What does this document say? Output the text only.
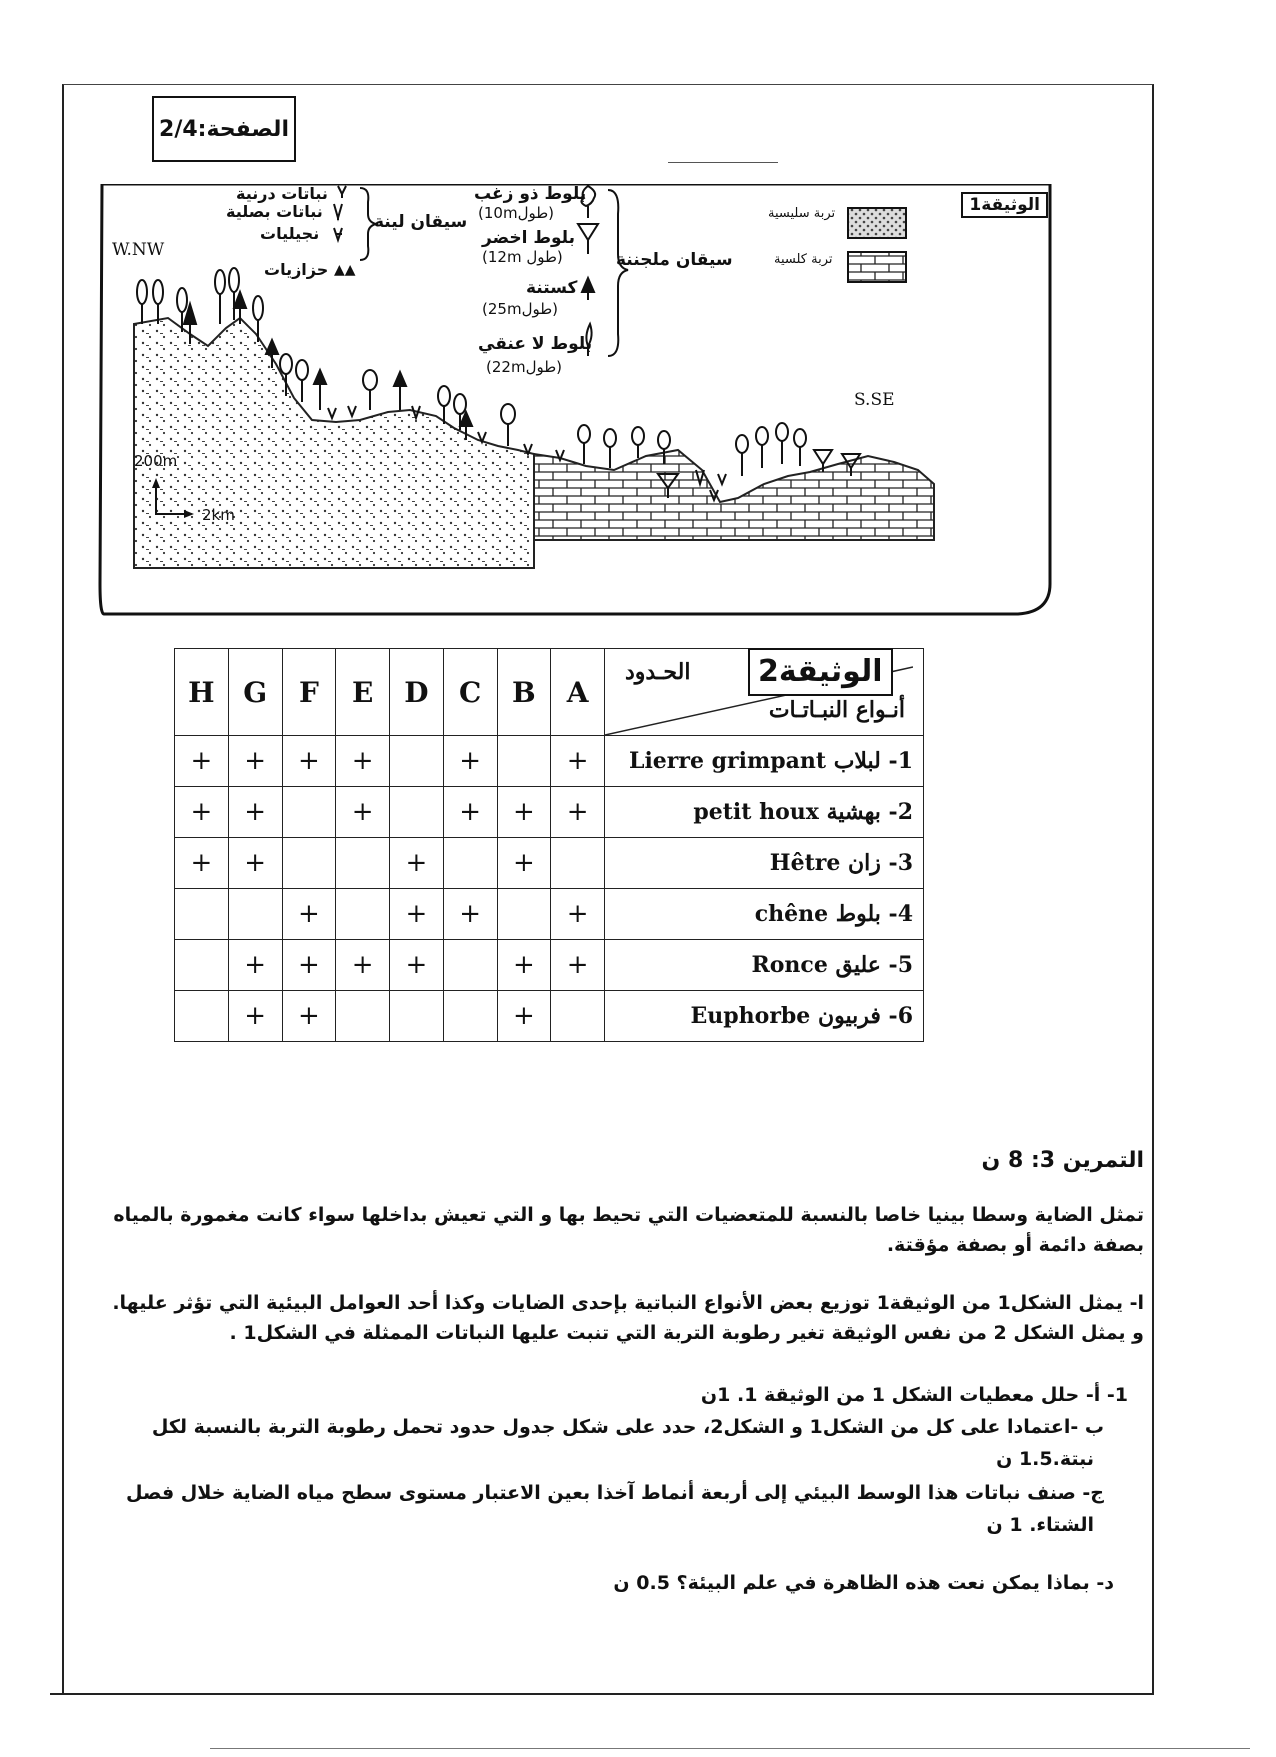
الصفحة:2/4
▲▲
الوثيقة1
تربة سليسية
تربة كلسية
سيقان ملجننة
بلوط ذو زغب
(طول10m)
بلوط اخضر
(طول 12m)
كستنة
(طول25m)
بلوط لا عنقي
(طول22m)
سيقان لينة
نباتات درنية
نباتات بصلية
نجيليات
حزازيات
W.NW
S.SE
200m
2km
H	G	F	E	D	C	B	A	الحـدود
أنـواع النبـاتـات

+	+	+	+		+		+	1- لبلاب Lierre grimpant
+	+		+		+	+	+	2- بهشية petit houx
+	+			+		+		3- زان Hêtre
		+		+	+		+	4- بلوط chêne
	+	+	+	+		+	+	5- عليق Ronce
	+	+				+		6- فربيون Euphorbe
الوثيقة2
التمرين 3: 8 ن
تمثل الضاية وسطا بينيا خاصا بالنسبة للمتعضيات التي تحيط بها و التي تعيش بداخلها سواء كانت مغمورة بالمياه
بصفة دائمة أو بصفة مؤقتة.
ا- يمثل الشكل1 من الوثيقة1 توزيع بعض الأنواع النباتية بإحدى الضايات وكذا أحد العوامل البيئية التي تؤثر عليها.
و يمثل الشكل 2 من نفس الوثيقة تغير رطوبة التربة التي تنبت عليها النباتات الممثلة في الشكل1 .
1- أ- حلل معطيات الشكل 1 من الوثيقة 1. 1ن
ب -اعتمادا على كل من الشكل1 و الشكل2، حدد على شكل جدول حدود تحمل رطوبة التربة بالنسبة لكل
نبتة.1.5 ن
ج- صنف نباتات هذا الوسط البيئي إلى أربعة أنماط آخذا بعين الاعتبار مستوى سطح مياه الضاية خلال فصل
الشتاء. 1 ن
د- بماذا يمكن نعت هذه الظاهرة في علم البيئة؟ 0.5 ن
